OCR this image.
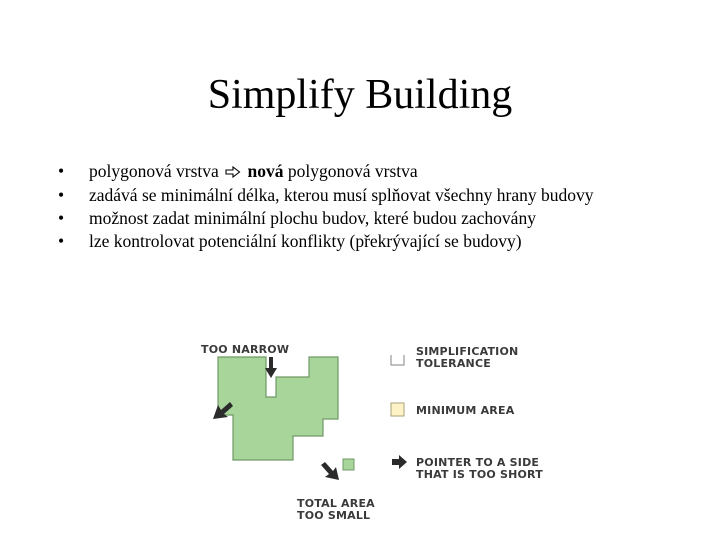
Simplify Building
• polygonová vrstva nová polygonová vrstva
• zadává se minimální délka, kterou musí splňovat všechny hrany budovy
• možnost zadat minimální plochu budov, které budou zachovány
• lze kontrolovat potenciální konflikty (překrývající se budovy)
TOO NARROW
TOTAL AREA
TOO SMALL
SIMPLIFICATION
TOLERANCE
MINIMUM AREA
POINTER TO A SIDE
THAT IS TOO SHORT
